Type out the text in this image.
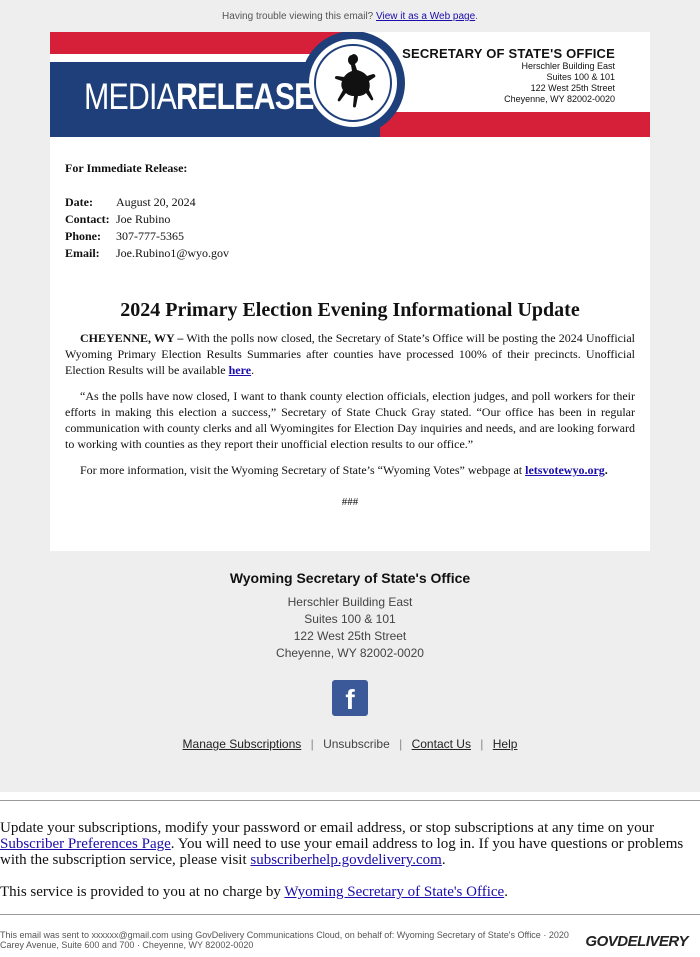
Having trouble viewing this email? View it as a Web page.
MEDIARELEASE
SECRETARY OF STATE'S OFFICE
Herschler Building East
Suites 100 & 101
122 West 25th Street
Cheyenne, WY 82002-0020
For Immediate Release:
Date: August 20, 2024
Contact: Joe Rubino
Phone: 307-777-5365
Email: Joe.Rubino1@wyo.gov
2024 Primary Election Evening Informational Update

CHEYENNE, WY – With the polls now closed, the Secretary of State’s Office will be posting the 2024 Unofficial Wyoming Primary Election Results Summaries after counties have processed 100% of their precincts. Unofficial Election Results will be available here.

“As the polls have now closed, I want to thank county election officials, election judges, and poll workers for their efforts in making this election a success,” Secretary of State Chuck Gray stated. “Our office has been in regular communication with county clerks and all Wyomingites for Election Day inquiries and needs, and are looking forward to working with counties as they report their unofficial election results to our office.”

For more information, visit the Wyoming Secretary of State’s “Wyoming Votes” webpage at letsvotewyo.org.

###
Wyoming Secretary of State's Office
Herschler Building East
Suites 100 & 101
122 West 25th Street
Cheyenne, WY 82002-0020
f
Manage Subscriptions | Unsubscribe | Contact Us | Help
Update your subscriptions, modify your password or email address, or stop subscriptions at any time on your Subscriber Preferences Page. You will need to use your email address to log in. If you have questions or problems with the subscription service, please visit subscriberhelp.govdelivery.com.
This service is provided to you at no charge by Wyoming Secretary of State's Office.
This email was sent to xxxxxx@gmail.com using GovDelivery Communications Cloud, on behalf of: Wyoming Secretary of State's Office · 2020 Carey Avenue, Suite 600 and 700 · Cheyenne, WY 82002-0020	GOVDELIVERY
